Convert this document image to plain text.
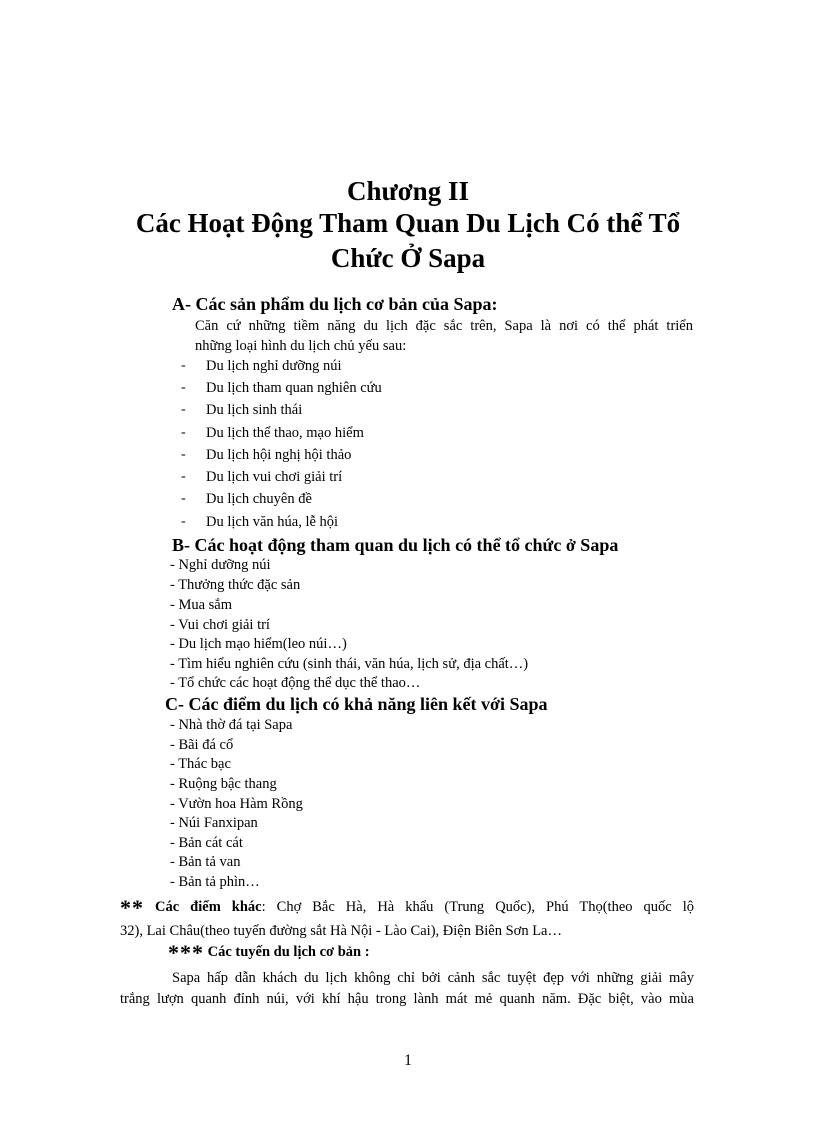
Chương II
Các Hoạt Động Tham Quan Du Lịch Có thể Tổ
Chức Ở Sapa
A- Các sản phẩm du lịch cơ bản của Sapa:
Căn cứ những tiềm năng du lịch đặc sắc trên, Sapa là nơi có thể phát triển
những loại hình du lịch chủ yếu sau:
- Du lịch nghỉ dưỡng núi
- Du lịch tham quan nghiên cứu
- Du lịch sinh thái
- Du lịch thể thao, mạo hiểm
- Du lịch hội nghị hội thảo
- Du lịch vui chơi giải trí
- Du lịch chuyên đề
- Du lịch văn húa, lễ hội
B- Các hoạt động tham quan du lịch có thể tổ chức ở Sapa
- Nghỉ dưỡng núi
- Thưởng thức đặc sản
- Mua sắm
- Vui chơi giải trí
- Du lịch mạo hiểm(leo núi…)
- Tìm hiểu nghiên cứu (sinh thái, văn húa, lịch sử, địa chất…)
- Tổ chức các hoạt động thể dục thể thao…
C- Các điểm du lịch có khả năng liên kết với Sapa
- Nhà thờ đá tại Sapa
- Bãi đá cổ
- Thác bạc
- Ruộng bậc thang
- Vườn hoa Hàm Rồng
- Núi Fanxipan
- Bản cát cát
- Bản tả van
- Bản tả phìn…
** Các điểm khác: Chợ Bắc Hà, Hà khẩu (Trung Quốc), Phú Thọ(theo quốc lộ
32), Lai Châu(theo tuyến đường sắt Hà Nội - Lào Cai), Điện Biên Sơn La…
*** Các tuyến du lịch cơ bản :
Sapa hấp dẫn khách du lịch không chỉ bởi cảnh sắc tuyệt đẹp với những giải mây
trắng lượn quanh đỉnh núi, với khí hậu trong lành mát mẻ quanh năm. Đặc biệt, vào mùa
1
